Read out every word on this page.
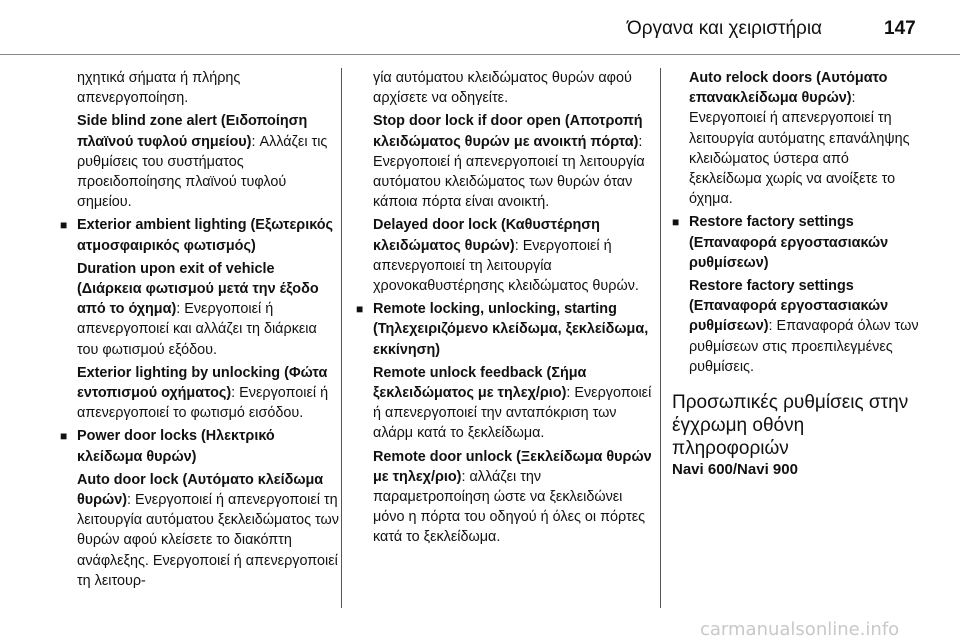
Όργανα και χειριστήρια	147
ηχητικά σήματα ή πλήρης απενεργοποίηση.
Side blind zone alert (Ειδοποίηση πλαϊνού τυφλού σημείου): Αλλάζει τις ρυθμίσεις του συστήματος προειδοποίησης πλαϊνού τυφλού σημείου.
■ Exterior ambient lighting (Εξωτερικός ατμοσφαιρικός φωτισμός)
Duration upon exit of vehicle (Διάρκεια φωτισμού μετά την έξοδο από το όχημα): Ενεργοποιεί ή απενεργοποιεί και αλλάζει τη διάρκεια του φωτισμού εξόδου.
Exterior lighting by unlocking (Φώτα εντοπισμού οχήματος): Ενεργοποιεί ή απενεργοποιεί το φωτισμό εισόδου.
■ Power door locks (Ηλεκτρικό κλείδωμα θυρών)
Auto door lock (Αυτόματο κλείδωμα θυρών): Ενεργοποιεί ή απενεργοποιεί τη λειτουργία αυτόματου ξεκλειδώματος των θυρών αφού κλείσετε το διακόπτη ανάφλεξης. Ενεργοποιεί ή απενεργοποιεί τη λειτουρ-
γία αυτόματου κλειδώματος θυρών αφού αρχίσετε να οδηγείτε.
Stop door lock if door open (Αποτροπή κλειδώματος θυρών με ανοικτή πόρτα): Ενεργοποιεί ή απενεργοποιεί τη λειτουργία αυτόματου κλειδώματος των θυρών όταν κάποια πόρτα είναι ανοικτή.
Delayed door lock (Καθυστέρηση κλειδώματος θυρών): Ενεργοποιεί ή απενεργοποιεί τη λειτουργία χρονοκαθυστέρησης κλειδώματος θυρών.
■ Remote locking, unlocking, starting (Τηλεχειριζόμενο κλείδωμα, ξεκλείδωμα, εκκίνηση)
Remote unlock feedback (Σήμα ξεκλειδώματος με τηλεχ/ριο): Ενεργοποιεί ή απενεργοποιεί την ανταπόκριση των αλάρμ κατά το ξεκλείδωμα.
Remote door unlock (Ξεκλείδωμα θυρών με τηλεχ/ριο): αλλάζει την παραμετροποίηση ώστε να ξεκλειδώνει μόνο η πόρτα του οδηγού ή όλες οι πόρτες κατά το ξεκλείδωμα.
Auto relock doors (Αυτόματο επανακλείδωμα θυρών): Ενεργοποιεί ή απενεργοποιεί τη λειτουργία αυτόματης επανάληψης κλειδώματος ύστερα από ξεκλείδωμα χωρίς να ανοίξετε το όχημα.
■ Restore factory settings (Επαναφορά εργοστασιακών ρυθμίσεων)
Restore factory settings (Επαναφορά εργοστασιακών ρυθμίσεων): Επαναφορά όλων των ρυθμίσεων στις προεπιλεγμένες ρυθμίσεις.
Προσωπικές ρυθμίσεις στην έγχρωμη οθόνη πληροφοριών
Navi 600/Navi 900
carmanualsonline.info
